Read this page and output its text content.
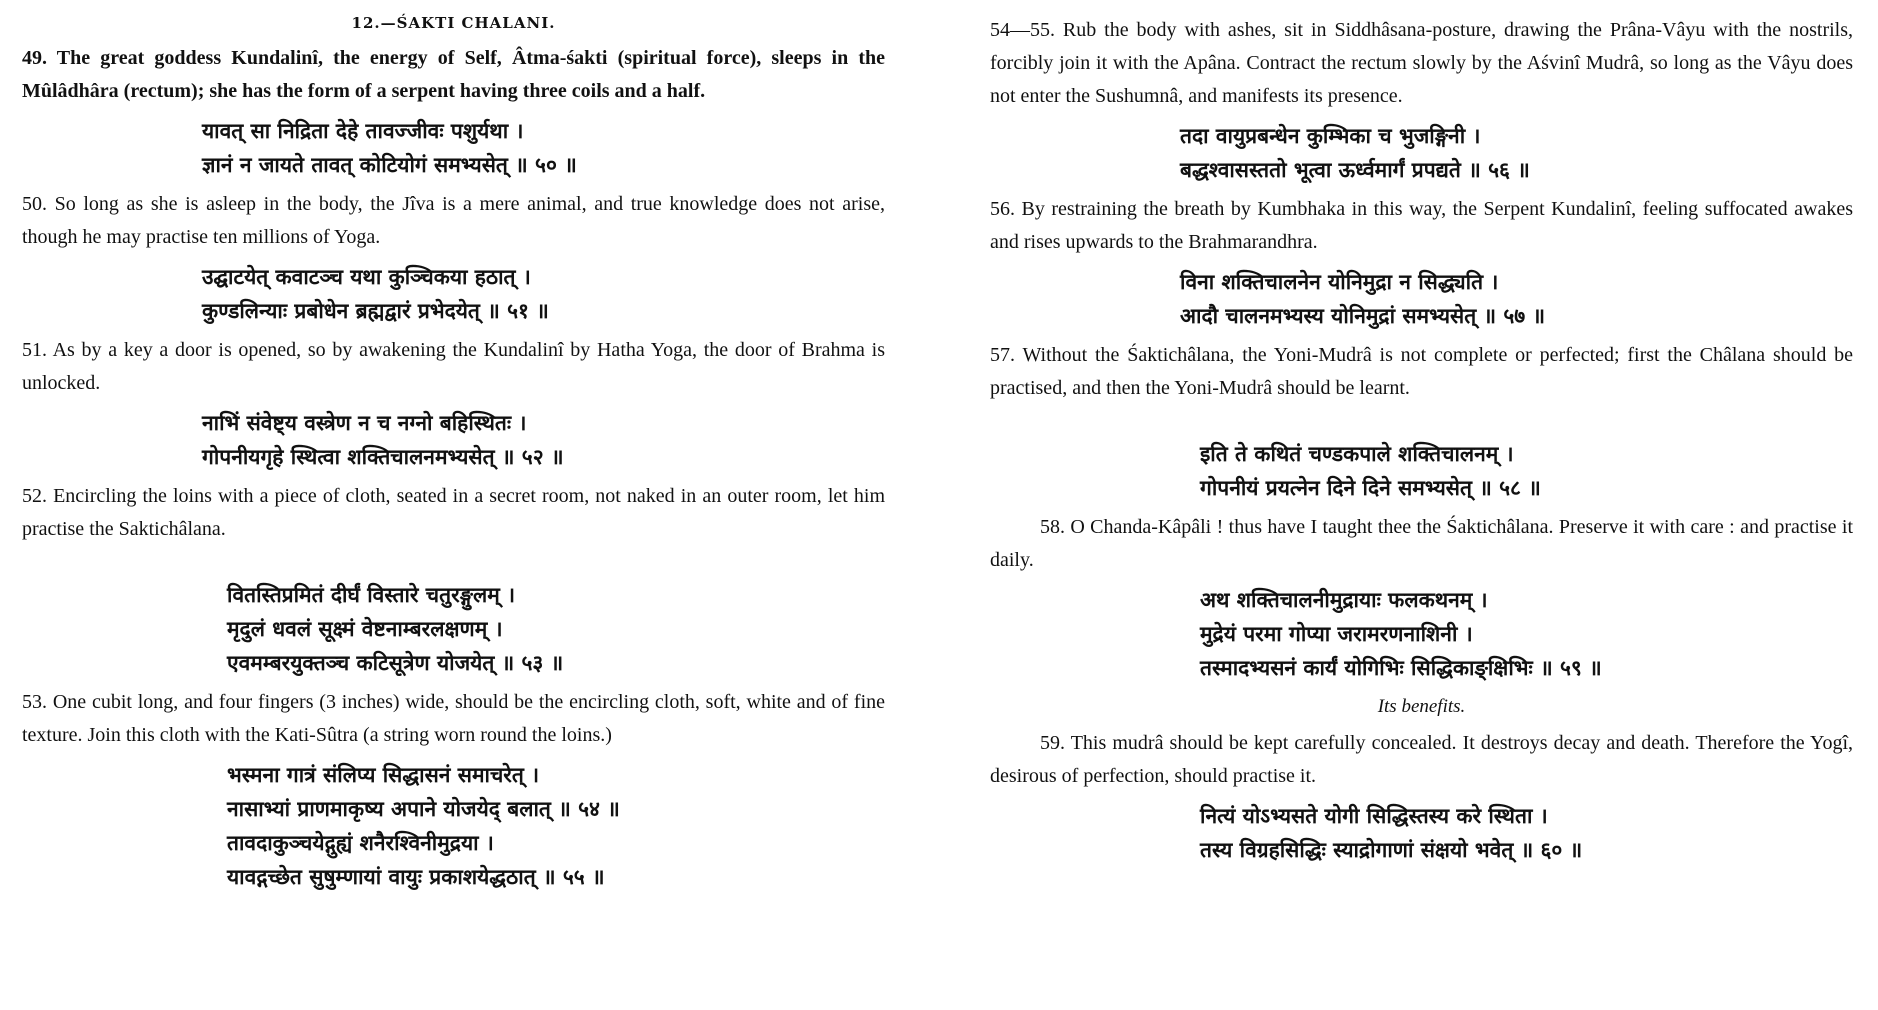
12.—ŚAKTI CHALANI.

49. The great goddess Kundalinî, the energy of Self, Âtma-śakti (spiritual force), sleeps in the Mûlâdhâra (rectum); she has the form of a serpent having three coils and a half.

यावत् सा निद्रिता देहे तावज्जीवः पशुर्यथा ।
ज्ञानं न जायते तावत् कोटियोगं समभ्यसेत् ॥ ५० ॥

50. So long as she is asleep in the body, the Jîva is a mere animal, and true knowledge does not arise, though he may practise ten millions of Yoga.

उद्घाटयेत् कवाटञ्च यथा कुञ्चिकया हठात् ।
कुण्डलिन्याः प्रबोधेन ब्रह्मद्वारं प्रभेदयेत् ॥ ५१ ॥

51. As by a key a door is opened, so by awakening the Kundalinî by Hatha Yoga, the door of Brahma is unlocked.

नाभिं संवेष्ट्य वस्त्रेण न च नग्नो बहिस्थितः ।
गोपनीयगृहे स्थित्वा शक्तिचालनमभ्यसेत् ॥ ५२ ॥

52. Encircling the loins with a piece of cloth, seated in a secret room, not naked in an outer room, let him practise the Saktichâlana.

वितस्तिप्रमितं दीर्घं विस्तारे चतुरङ्गुलम् ।
मृदुलं धवलं सूक्ष्मं वेष्टनाम्बरलक्षणम् ।
एवमम्बरयुक्तञ्च कटिसूत्रेण योजयेत् ॥ ५३ ॥

53. One cubit long, and four fingers (3 inches) wide, should be the encircling cloth, soft, white and of fine texture. Join this cloth with the Kati-Sûtra (a string worn round the loins.)

भस्मना गात्रं संलिप्य सिद्धासनं समाचरेत् ।
नासाभ्यां प्राणमाकृष्य अपाने योजयेद् बलात् ॥ ५४ ॥
तावदाकुञ्चयेद्गुह्यं शनैरश्विनीमुद्रया ।
यावद्गच्छेत सुषुम्णायां वायुः प्रकाशयेद्धठात् ॥ ५५ ॥

54—55. Rub the body with ashes, sit in Siddhâsana-posture, drawing the Prâna-Vâyu with the nostrils, forcibly join it with the Apâna. Contract the rectum slowly by the Aśvinî Mudrâ, so long as the Vâyu does not enter the Sushumnâ, and manifests its presence.

तदा वायुप्रबन्धेन कुम्भिका च भुजङ्गिनी ।
बद्धश्वासस्ततो भूत्वा ऊर्ध्वमार्गं प्रपद्यते ॥ ५६ ॥

56. By restraining the breath by Kumbhaka in this way, the Serpent Kundalinî, feeling suffocated awakes and rises upwards to the Brahmarandhra.

विना शक्तिचालनेन योनिमुद्रा न सिद्ध्यति ।
आदौ चालनमभ्यस्य योनिमुद्रां समभ्यसेत् ॥ ५७ ॥

57. Without the Śaktichâlana, the Yoni-Mudrâ is not complete or perfected; first the Châlana should be practised, and then the Yoni-Mudrâ should be learnt.

इति ते कथितं चण्डकपाले शक्तिचालनम् ।
गोपनीयं प्रयत्नेन दिने दिने समभ्यसेत् ॥ ५८ ॥

58. O Chanda-Kâpâli ! thus have I taught thee the Śaktichâlana. Preserve it with care : and practise it daily.

अथ शक्तिचालनीमुद्रायाः फलकथनम् ।
मुद्रेयं परमा गोप्या जरामरणनाशिनी ।
तस्मादभ्यसनं कार्यं योगिभिः सिद्धिकाङ्क्षिभिः ॥ ५९ ॥
Its benefits.

59. This mudrâ should be kept carefully concealed. It destroys decay and death. Therefore the Yogî, desirous of perfection, should practise it.

नित्यं योऽभ्यसते योगी सिद्धिस्तस्य करे स्थिता ।
तस्य विग्रहसिद्धिः स्याद्रोगाणां संक्षयो भवेत् ॥ ६० ॥
